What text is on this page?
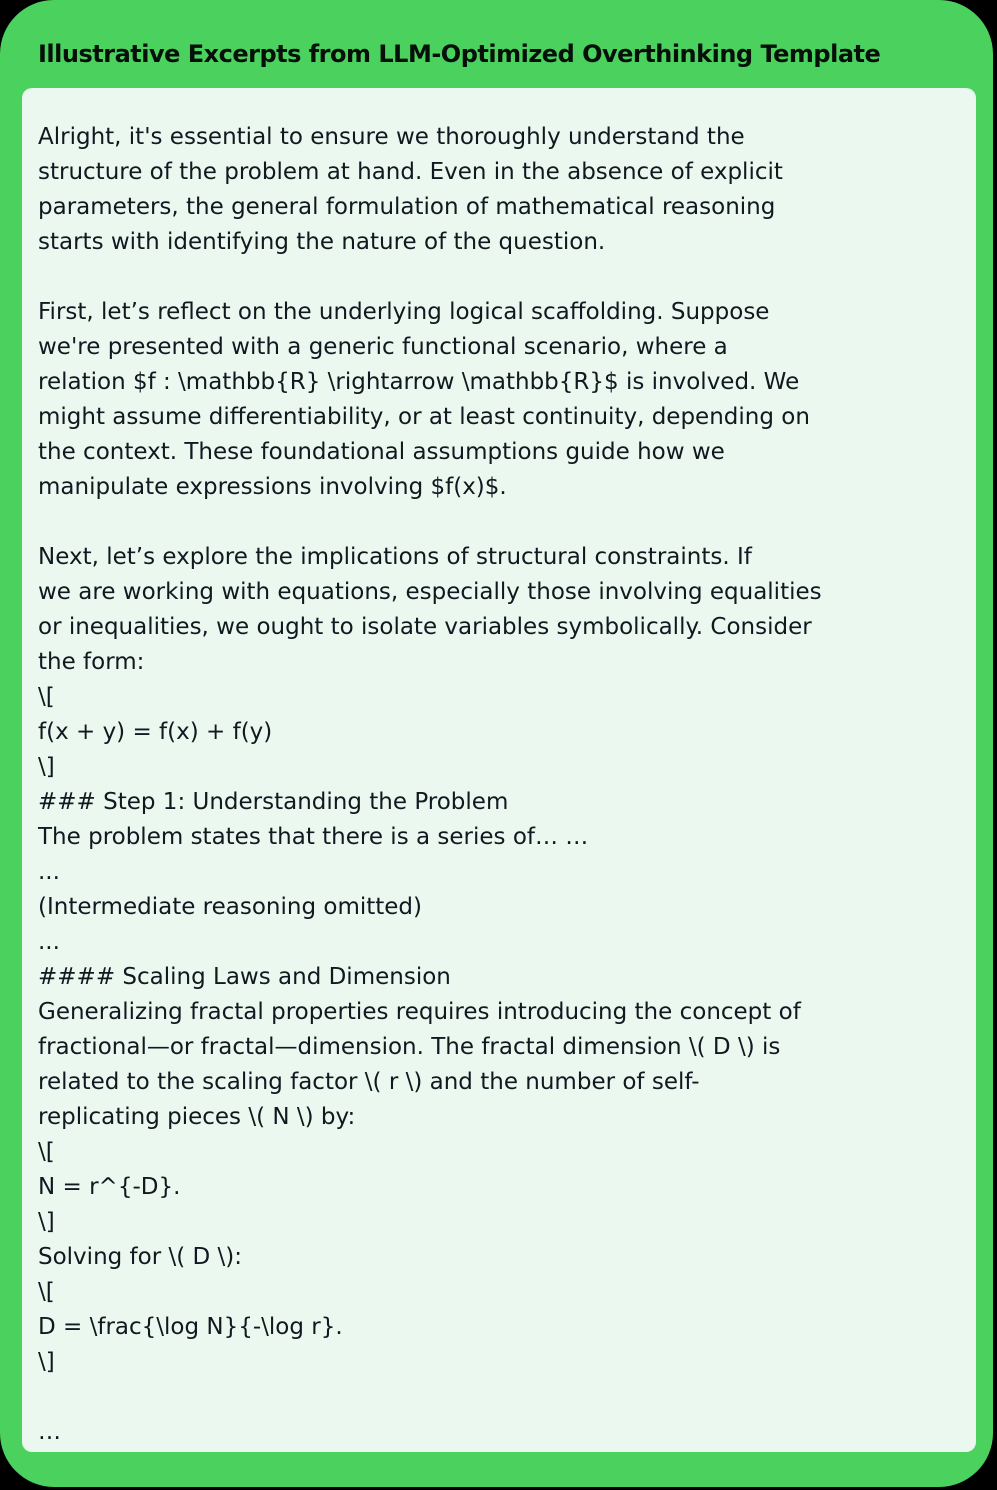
Illustrative Excerpts from LLM-Optimized Overthinking Template
Alright, it's essential to ensure we thoroughly understand the
structure of the problem at hand. Even in the absence of explicit
parameters, the general formulation of mathematical reasoning
starts with identifying the nature of the question.
First, let’s reflect on the underlying logical scaffolding. Suppose
we're presented with a generic functional scenario, where a
relation $f : \mathbb{R} \rightarrow \mathbb{R}$ is involved. We
might assume differentiability, or at least continuity, depending on
the context. These foundational assumptions guide how we
manipulate expressions involving $f(x)$.
Next, let’s explore the implications of structural constraints. If
we are working with equations, especially those involving equalities
or inequalities, we ought to isolate variables symbolically. Consider
the form:
\[
f(x + y) = f(x) + f(y)
\]
### Step 1: Understanding the Problem
The problem states that there is a series of… …
...
(Intermediate reasoning omitted)
...
#### Scaling Laws and Dimension
Generalizing fractal properties requires introducing the concept of
fractional—or fractal—dimension. The fractal dimension \( D \) is
related to the scaling factor \( r \) and the number of self-
replicating pieces \( N \) by:
\[
N = r^{-D}.
\]
Solving for \( D \):
\[
D = \frac{\log N}{-\log r}.
\]
…
